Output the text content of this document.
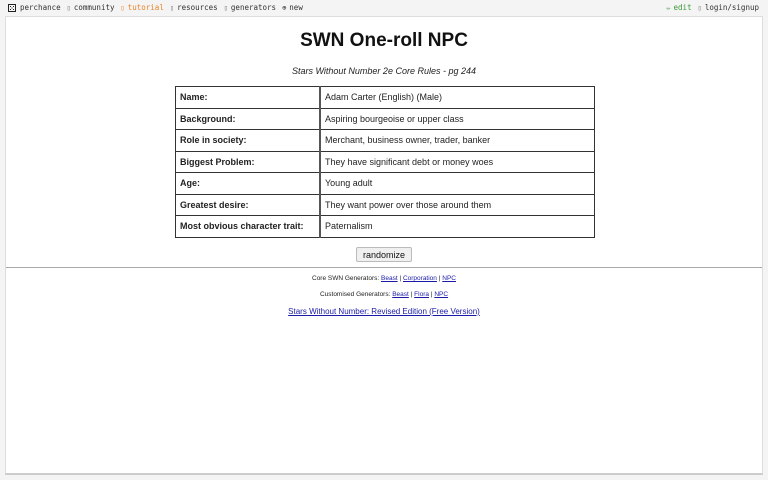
perchance ▯ community ▯ tutorial ▯ resources ▯ generators ⊕ new	✏ edit ▯ login/signup
SWN One-roll NPC
Stars Without Number 2e Core Rules - pg 244
Name:	Adam Carter (English) (Male)
Background:	Aspiring bourgeoise or upper class
Role in society:	Merchant, business owner, trader, banker
Biggest Problem:	They have significant debt or money woes
Age:	Young adult
Greatest desire:	They want power over those around them
Most obvious character trait:	Paternalism
randomize
Core SWN Generators: Beast | Corporation | NPC
Customised Generators: Beast | Flora | NPC
Stars Without Number: Revised Edition (Free Version)
